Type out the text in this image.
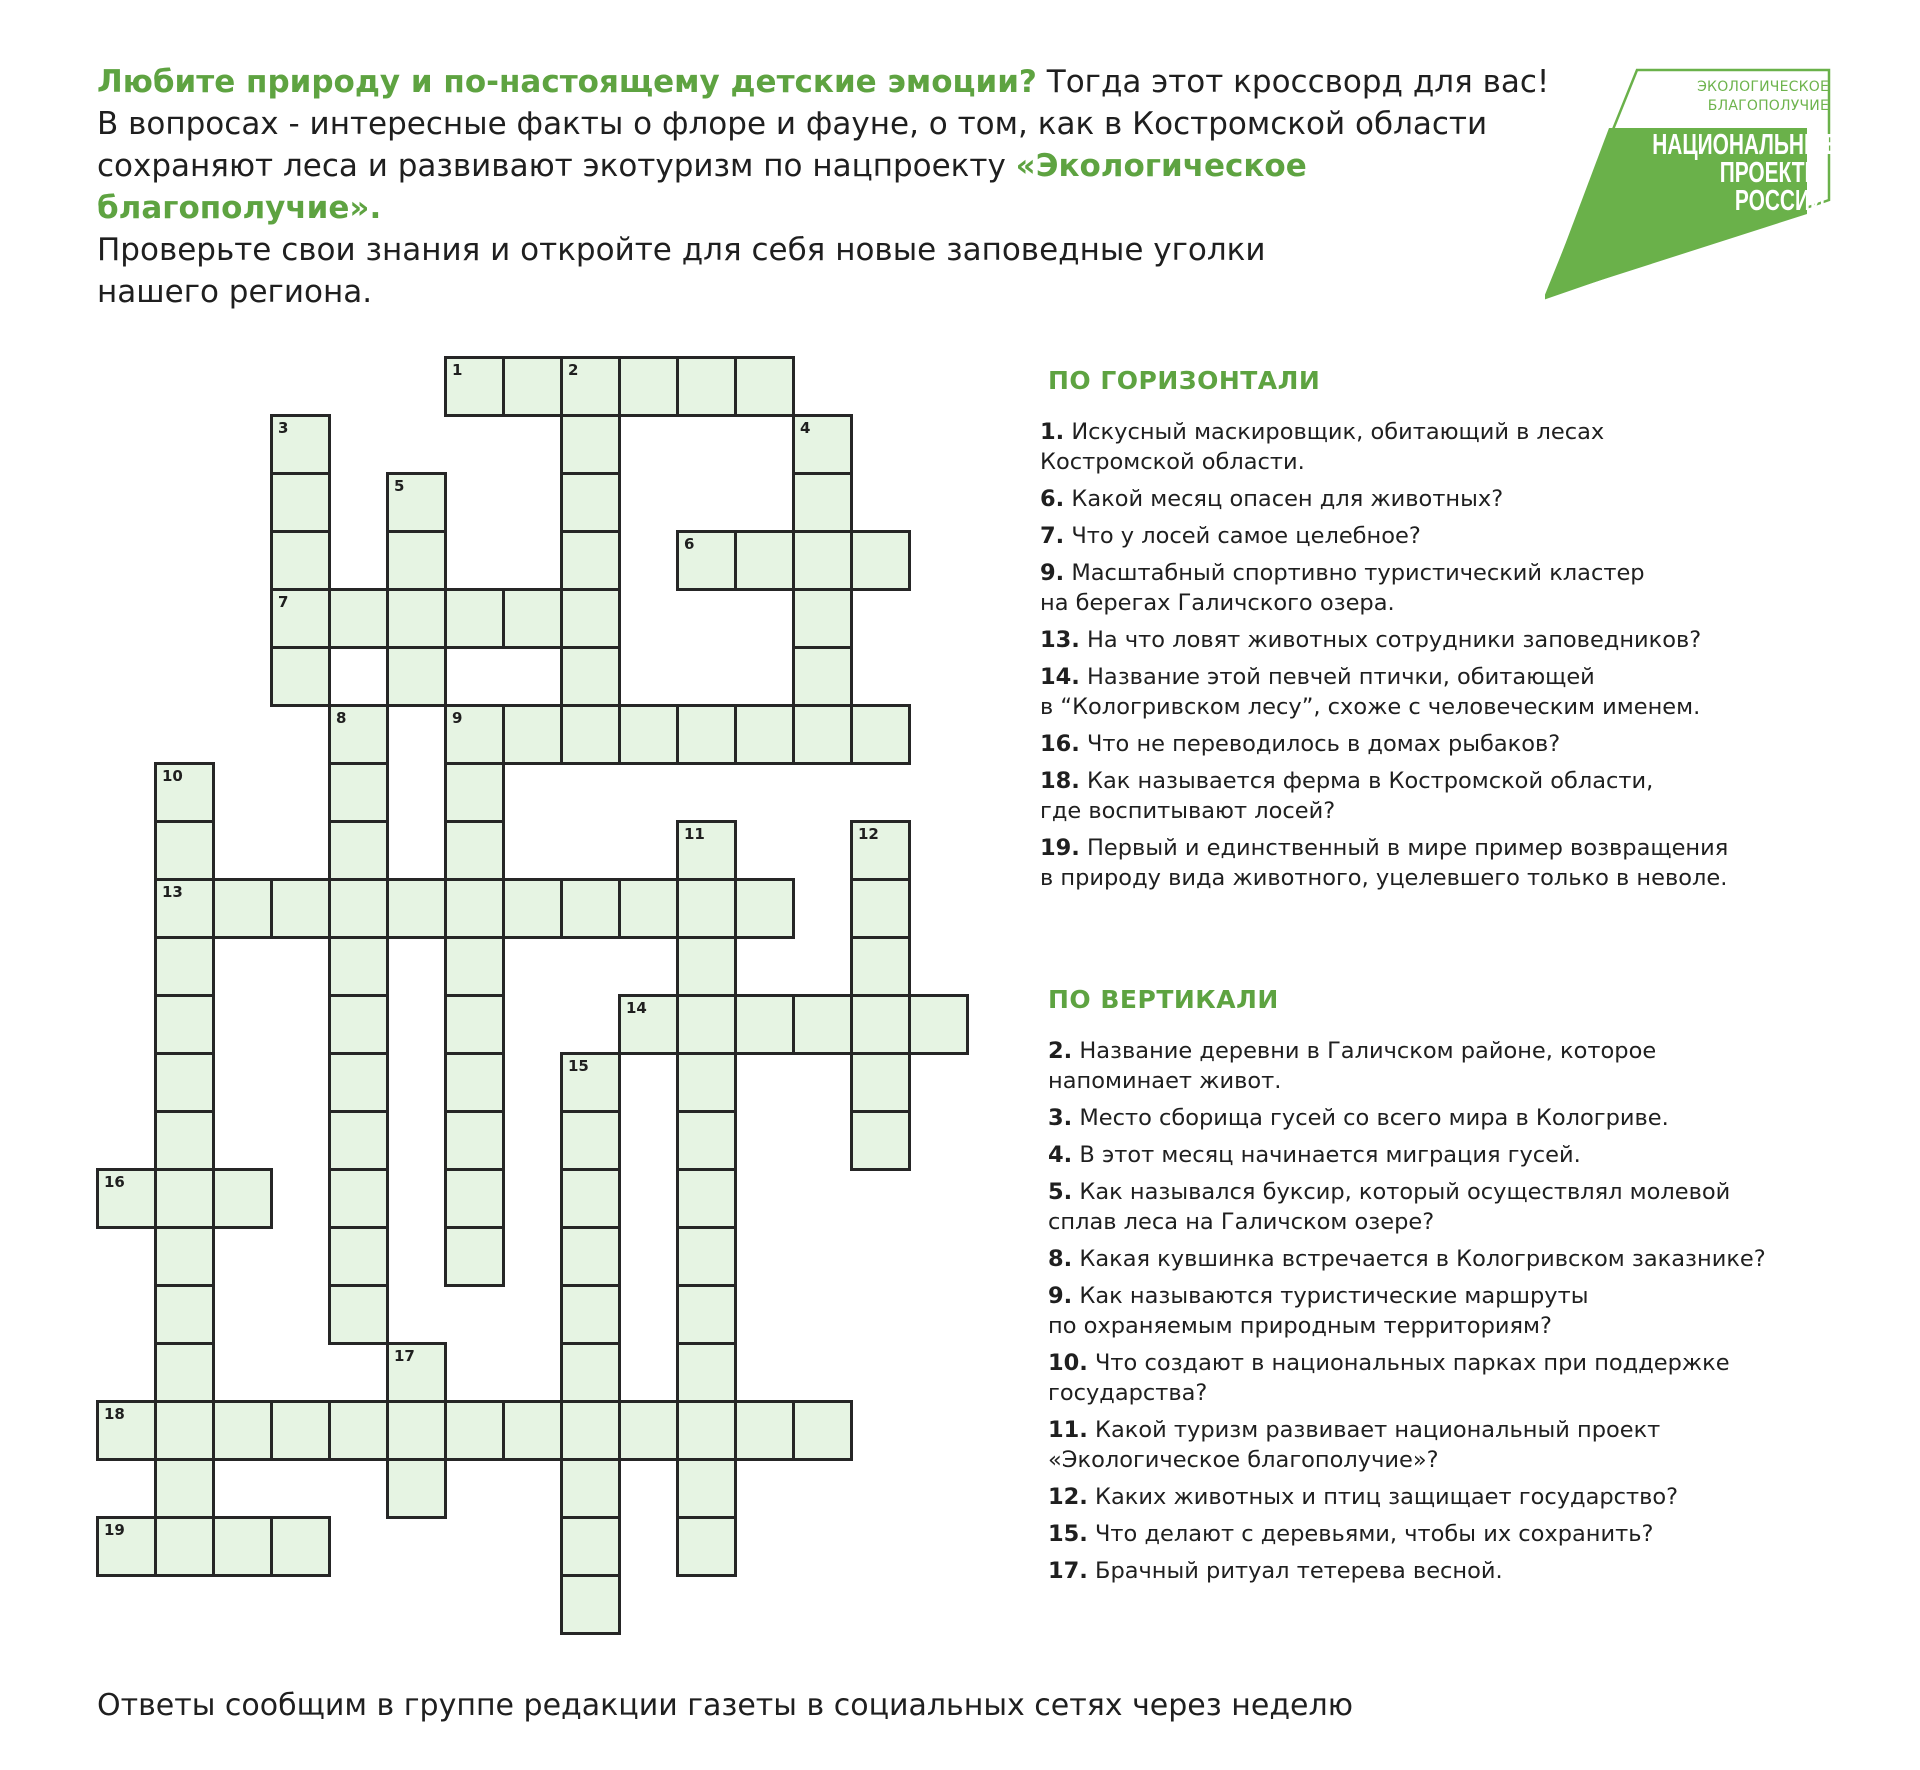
Любите природу и по-настоящему детские эмоции? Тогда этот кроссворд для вас!

В вопросах - интересные факты о флоре и фауне, о том, как в Костромской области

сохраняют леса и развивают экотуризм по нацпроекту «Экологическое благополучие».

Проверьте свои знания и откройте для себя новые заповедные уголки

нашего региона.

ЭКОЛОГИЧЕСКОЕ
БЛАГОПОЛУЧИЕ
НАЦИОНАЛЬНЫЕ
ПРОЕКТЫ
РОССИИ
1	2
3	4
5
6
7
8	9
10
11	12
13
14
15
16
17
18
19
ПО ГОРИЗОНТАЛИ
1. Искусный маскировщик, обитающий в лесах
Костромской области.
6. Какой месяц опасен для животных?
7. Что у лосей самое целебное?
9. Масштабный спортивно туристический кластер
на берегах Галичского озера.
13. На что ловят животных сотрудники заповедников?
14. Название этой певчей птички, обитающей
в “Кологривском лесу”, схоже с человеческим именем.
16. Что не переводилось в домах рыбаков?
18. Как называется ферма в Костромской области,
где воспитывают лосей?
19. Первый и единственный в мире пример возвращения
в природу вида животного, уцелевшего только в неволе.
ПО ВЕРТИКАЛИ
2. Название деревни в Галичском районе, которое
напоминает живот.
3. Место сборища гусей со всего мира в Кологриве.
4. В этот месяц начинается миграция гусей.
5. Как назывался буксир, который осуществлял молевой
сплав леса на Галичском озере?
8. Какая кувшинка встречается в Кологривском заказнике?
9. Как называются туристические маршруты
по охраняемым природным территориям?
10. Что создают в национальных парках при поддержке
государства?
11. Какой туризм развивает национальный проект
«Экологическое благополучие»?
12. Каких животных и птиц защищает государство?
15. Что делают с деревьями, чтобы их сохранить?
17. Брачный ритуал тетерева весной.
Ответы сообщим в группе редакции газеты в социальных сетях через неделю
